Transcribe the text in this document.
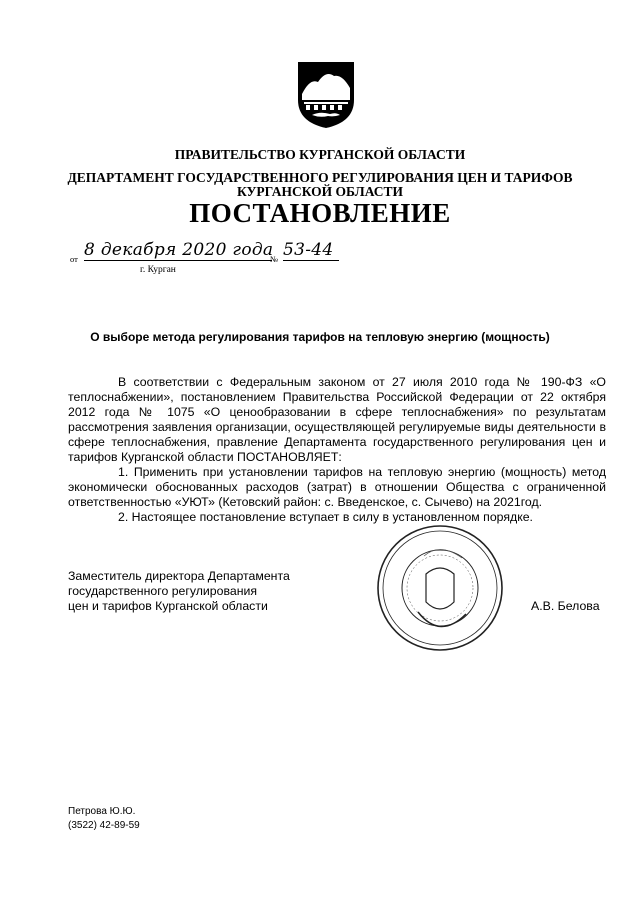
ПРАВИТЕЛЬСТВО КУРГАНСКОЙ ОБЛАСТИ
ДЕПАРТАМЕНТ ГОСУДАРСТВЕННОГО РЕГУЛИРОВАНИЯ ЦЕН И ТАРИФОВ
КУРГАНСКОЙ ОБЛАСТИ
ПОСТАНОВЛЕНИЕ
от 8 декабря 2020 года
№ 53-44
г. Курган
О выборе метода регулирования тарифов на тепловую энергию (мощность)
В соответствии с Федеральным законом от 27 июля 2010 года № 190-ФЗ «О теплоснабжении», постановлением Правительства Российской Федерации от 22 октября 2012 года № 1075 «О ценообразовании в сфере теплоснабжения» по результатам рассмотрения заявления организации, осуществляющей регулируемые виды деятельности в сфере теплоснабжения, правление Департамента государственного регулирования цен и тарифов Курганской области ПОСТАНОВЛЯЕТ:
1. Применить при установлении тарифов на тепловую энергию (мощность) метод экономически обоснованных расходов (затрат) в отношении Общества с ограниченной ответственностью «УЮТ» (Кетовский район: с. Введенское, с. Сычево) на 2021год.
2. Настоящее постановление вступает в силу в установленном порядке.
Заместитель директора Департамента
государственного регулирования
цен и тарифов Курганской области	А.В. Белова
Петрова Ю.Ю.
(3522) 42-89-59
